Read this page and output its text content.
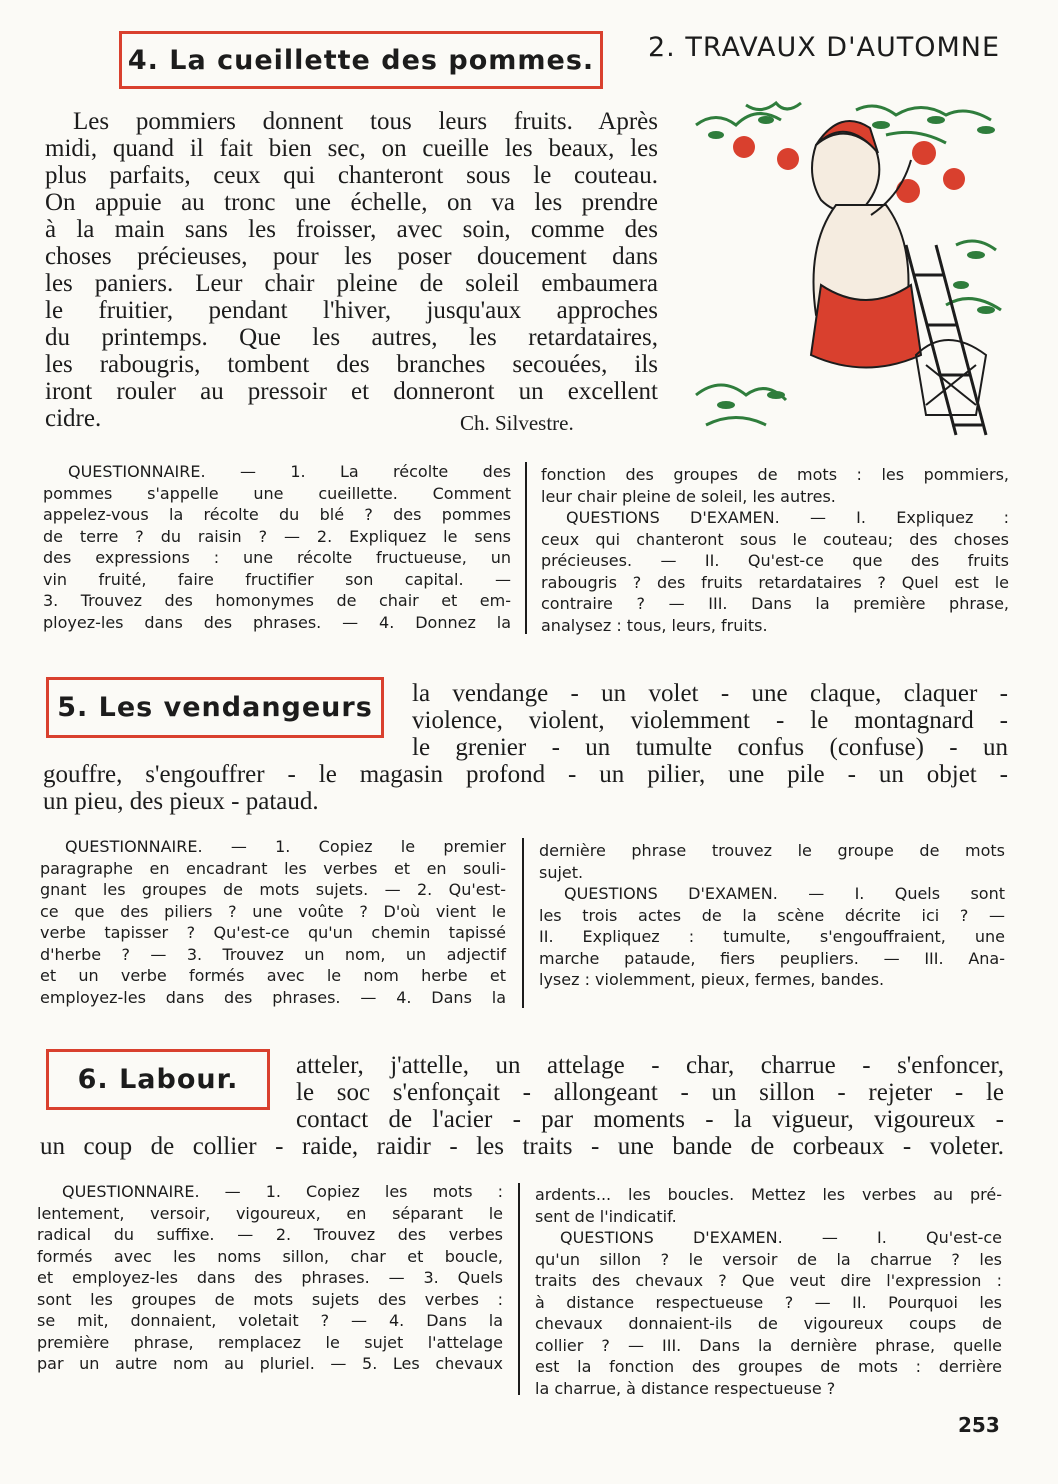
4. La cueillette des pommes.	2. TRAVAUX D'AUTOMNE
Les pommiers donnent tous leurs fruits. Après
midi, quand il fait bien sec, on cueille les beaux, les
plus parfaits, ceux qui chanteront sous le couteau.
On appuie au tronc une échelle, on va les prendre
à la main sans les froisser, avec soin, comme des
choses précieuses, pour les poser doucement dans
les paniers. Leur chair pleine de soleil embaumera
le fruitier, pendant l'hiver, jusqu'aux approches
du printemps. Que les autres, les retardataires,
les rabougris, tombent des branches secouées, ils
iront rouler au pressoir et donneront un excellent
cidre.	Ch. Silvestre.
QUESTIONNAIRE. — 1. La récolte des
pommes s'appelle une cueillette. Comment
appelez-vous la récolte du blé ? des pommes
de terre ? du raisin ? — 2. Expliquez le sens
des expressions : une récolte fructueuse, un
vin fruité, faire fructifier son capital. —
3. Trouvez des homonymes de chair et em-
ployez-les dans des phrases. — 4. Donnez la
fonction des groupes de mots : les pommiers,
leur chair pleine de soleil, les autres.
QUESTIONS D'EXAMEN. — I. Expliquez :
ceux qui chanteront sous le couteau; des choses
précieuses. — II. Qu'est-ce que des fruits
rabougris ? des fruits retardataires ? Quel est le
contraire ? — III. Dans la première phrase,
analysez : tous, leurs, fruits.
5. Les vendangeurs	la vendange - un volet - une claque, claquer -
violence, violent, violemment - le montagnard -
le grenier - un tumulte confus (confuse) - un
gouffre, s'engouffrer - le magasin profond - un pilier, une pile - un objet -
un pieu, des pieux - pataud.
QUESTIONNAIRE. — 1. Copiez le premier
paragraphe en encadrant les verbes et en souli-
gnant les groupes de mots sujets. — 2. Qu'est-
ce que des piliers ? une voûte ? D'où vient le
verbe tapisser ? Qu'est-ce qu'un chemin tapissé
d'herbe ? — 3. Trouvez un nom, un adjectif
et un verbe formés avec le nom herbe et
employez-les dans des phrases. — 4. Dans la
dernière phrase trouvez le groupe de mots
sujet.
QUESTIONS D'EXAMEN. — I. Quels sont
les trois actes de la scène décrite ici ? —
II. Expliquez : tumulte, s'engouffraient, une
marche pataude, fiers peupliers. — III. Ana-
lysez : violemment, pieux, fermes, bandes.
6. Labour.	atteler, j'attelle, un attelage - char, charrue - s'enfoncer,
le soc s'enfonçait - allongeant - un sillon - rejeter - le
contact de l'acier - par moments - la vigueur, vigoureux -
un coup de collier - raide, raidir - les traits - une bande de corbeaux - voleter.
QUESTIONNAIRE. — 1. Copiez les mots :
lentement, versoir, vigoureux, en séparant le
radical du suffixe. — 2. Trouvez des verbes
formés avec les noms sillon, char et boucle,
et employez-les dans des phrases. — 3. Quels
sont les groupes de mots sujets des verbes :
se mit, donnaient, voletait ? — 4. Dans la
première phrase, remplacez le sujet l'attelage
par un autre nom au pluriel. — 5. Les chevaux
ardents... les boucles. Mettez les verbes au pré-
sent de l'indicatif.
QUESTIONS D'EXAMEN. — I. Qu'est-ce
qu'un sillon ? le versoir de la charrue ? les
traits des chevaux ? Que veut dire l'expression :
à distance respectueuse ? — II. Pourquoi les
chevaux donnaient-ils de vigoureux coups de
collier ? — III. Dans la dernière phrase, quelle
est la fonction des groupes de mots : derrière
la charrue, à distance respectueuse ?
253
